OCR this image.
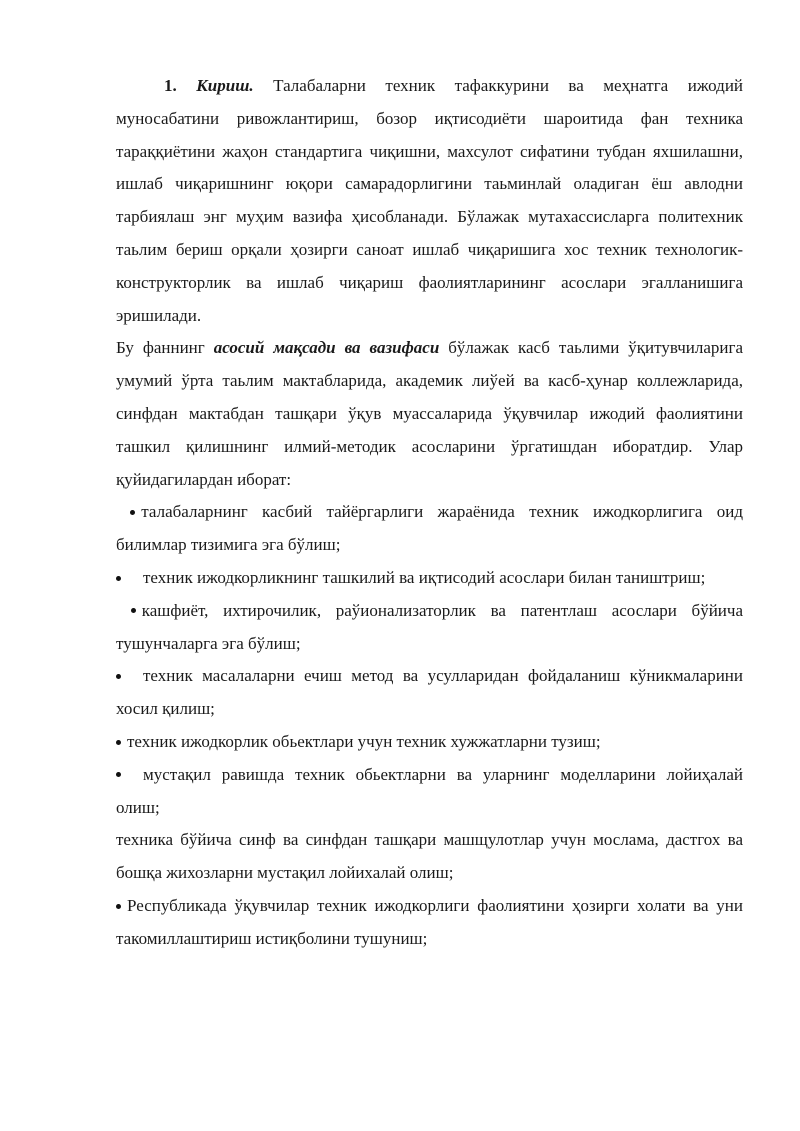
1. Кириш. Талабаларни техник тафаккурини ва меҳнатга ижодий муносабатини ривожлантириш, бозор иқтисодиёти шароитида фан техника тараққиётини жаҳон стандартига чиқишни, махсулот сифатини тубдан яхшилашни, ишлаб чиқаришнинг юқори самарадорлигини таьминлай оладиган ёш авлодни тарбиялаш энг муҳим вазифа ҳисобланади. Бўлажак мутахассисларга политехник таьлим бериш орқали ҳозирги саноат ишлаб чиқаришига хос техник технологик-конструкторлик ва ишлаб чиқариш фаолиятларининг асослари эгалланишига эришилади.

Бу фаннинг асосий мақсади ва вазифаси бўлажак касб таьлими ўқитувчиларига умумий ўрта таьлим мактабларида, академик лиўей ва касб-ҳунар коллежларида, синфдан мактабдан ташқари ўқув муассаларида ўқувчилар ижодий фаолиятини ташкил қилишнинг илмий-методик асосларини ўргатишдан иборатдир. Улар қуйидагилардан иборат:

талабаларнинг касбий тайёргарлиги жараёнида техник ижодкорлигига оид билимлар тизимига эга бўлиш;

техник ижодкорликнинг ташкилий ва иқтисодий асослари билан таништриш;

кашфиёт, ихтирочилик, раўионализаторлик ва патентлаш асослари бўйича тушунчаларга эга бўлиш;

техник масалаларни ечиш метод ва усулларидан фойдаланиш кўникмаларини хосил қилиш;

техник ижодкорлик обьектлари учун техник хужжатларни тузиш;

мустақил равишда техник обьектларни ва уларнинг моделларини лойиҳалай олиш;

техника бўйича синф ва синфдан ташқари машщулотлар учун мослама, дастгох ва бошқа жихозларни мустақил лойихалай олиш;

Республикада ўқувчилар техник ижодкорлиги фаолиятини ҳозирги холати ва уни такомиллаштириш истиқболини тушуниш;
